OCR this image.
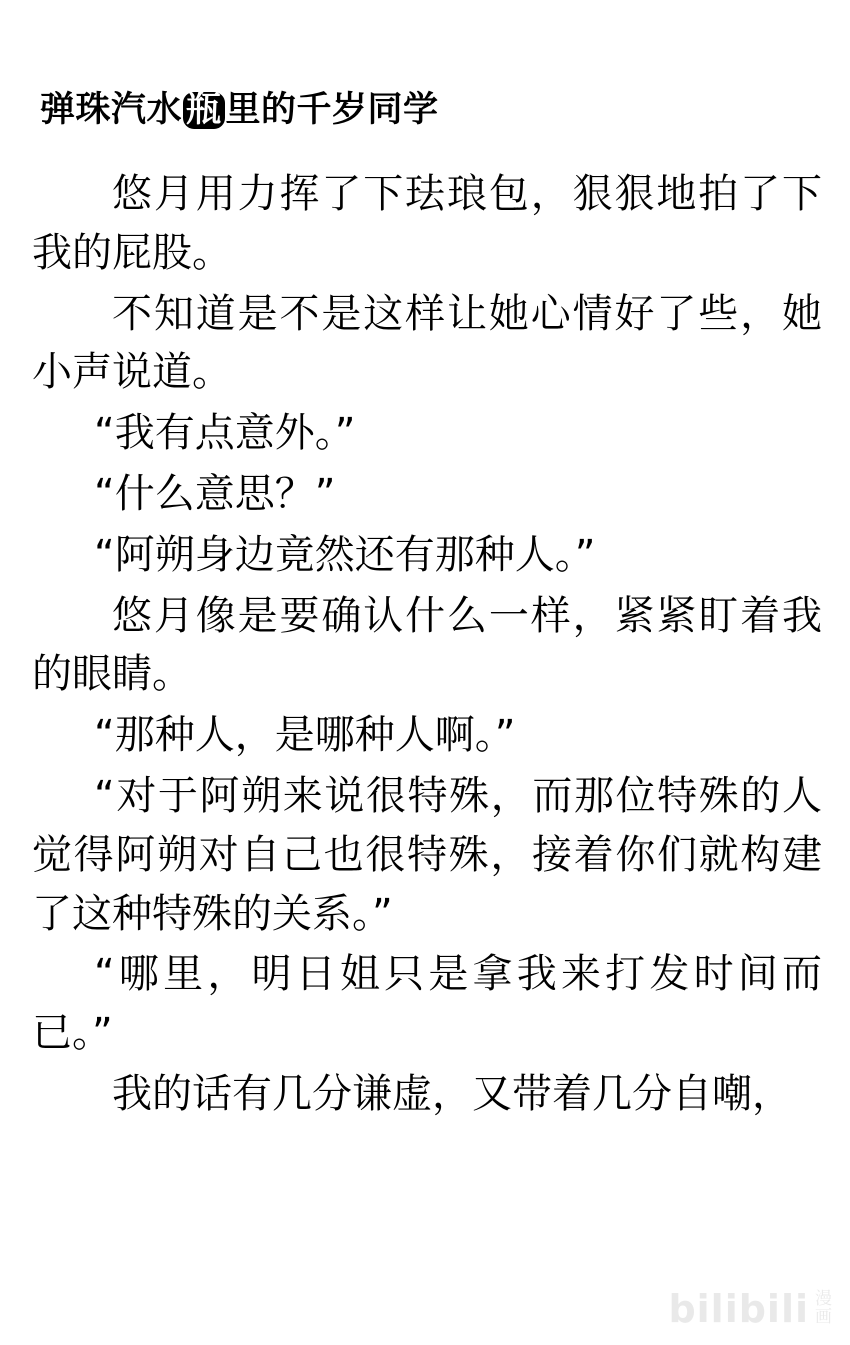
弹珠汽水 瓶 里的千岁同学

悠月用力挥了下珐琅包，狠狠地拍了下我的屁股。

不知道是不是这样让她心情好了些，她小声说道。

“我有点意外。”

“什么意思？”

“阿朔身边竟然还有那种人。”

悠月像是要确认什么一样，紧紧盯着我的眼睛。

“那种人，是哪种人啊。”

“对于阿朔来说很特殊，而那位特殊的人觉得阿朔对自己也很特殊，接着你们就构建了这种特殊的关系。”

“哪里，明日姐只是拿我来打发时间而已。”

我的话有几分谦虚，又带着几分自嘲，

bilibili 漫
画
